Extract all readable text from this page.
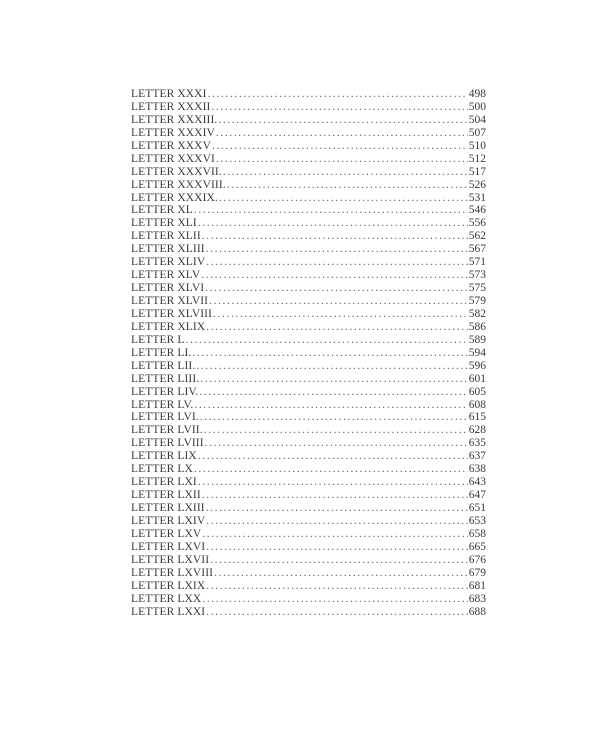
LETTER XXXI .....	498
LETTER XXXII .....	500
LETTER XXXIII. .....	504
LETTER XXXIV .....	507
LETTER XXXV .....	510
LETTER XXXVI .....	512
LETTER XXXVII. .....	517
LETTER XXXVIII. .....	526
LETTER XXXIX. .....	531
LETTER XL .....	546
LETTER XLI .....	556
LETTER XLII .....	562
LETTER XLIII .....	567
LETTER XLIV .....	571
LETTER XLV .....	573
LETTER XLVI .....	575
LETTER XLVII .....	579
LETTER XLVIII .....	582
LETTER XLIX .....	586
LETTER L .....	589
LETTER LI. .....	594
LETTER LII. .....	596
LETTER LIII. .....	601
LETTER LIV. .....	605
LETTER LV. .....	608
LETTER LVI. .....	615
LETTER LVII. .....	628
LETTER LVIII .....	635
LETTER LIX .....	637
LETTER LX .....	638
LETTER LXI .....	643
LETTER LXII .....	647
LETTER LXIII .....	651
LETTER LXIV .....	653
LETTER LXV .....	658
LETTER LXVI .....	665
LETTER LXVII .....	676
LETTER LXVIII .....	679
LETTER LXIX .....	681
LETTER LXX .....	683
LETTER LXXI .....	688
